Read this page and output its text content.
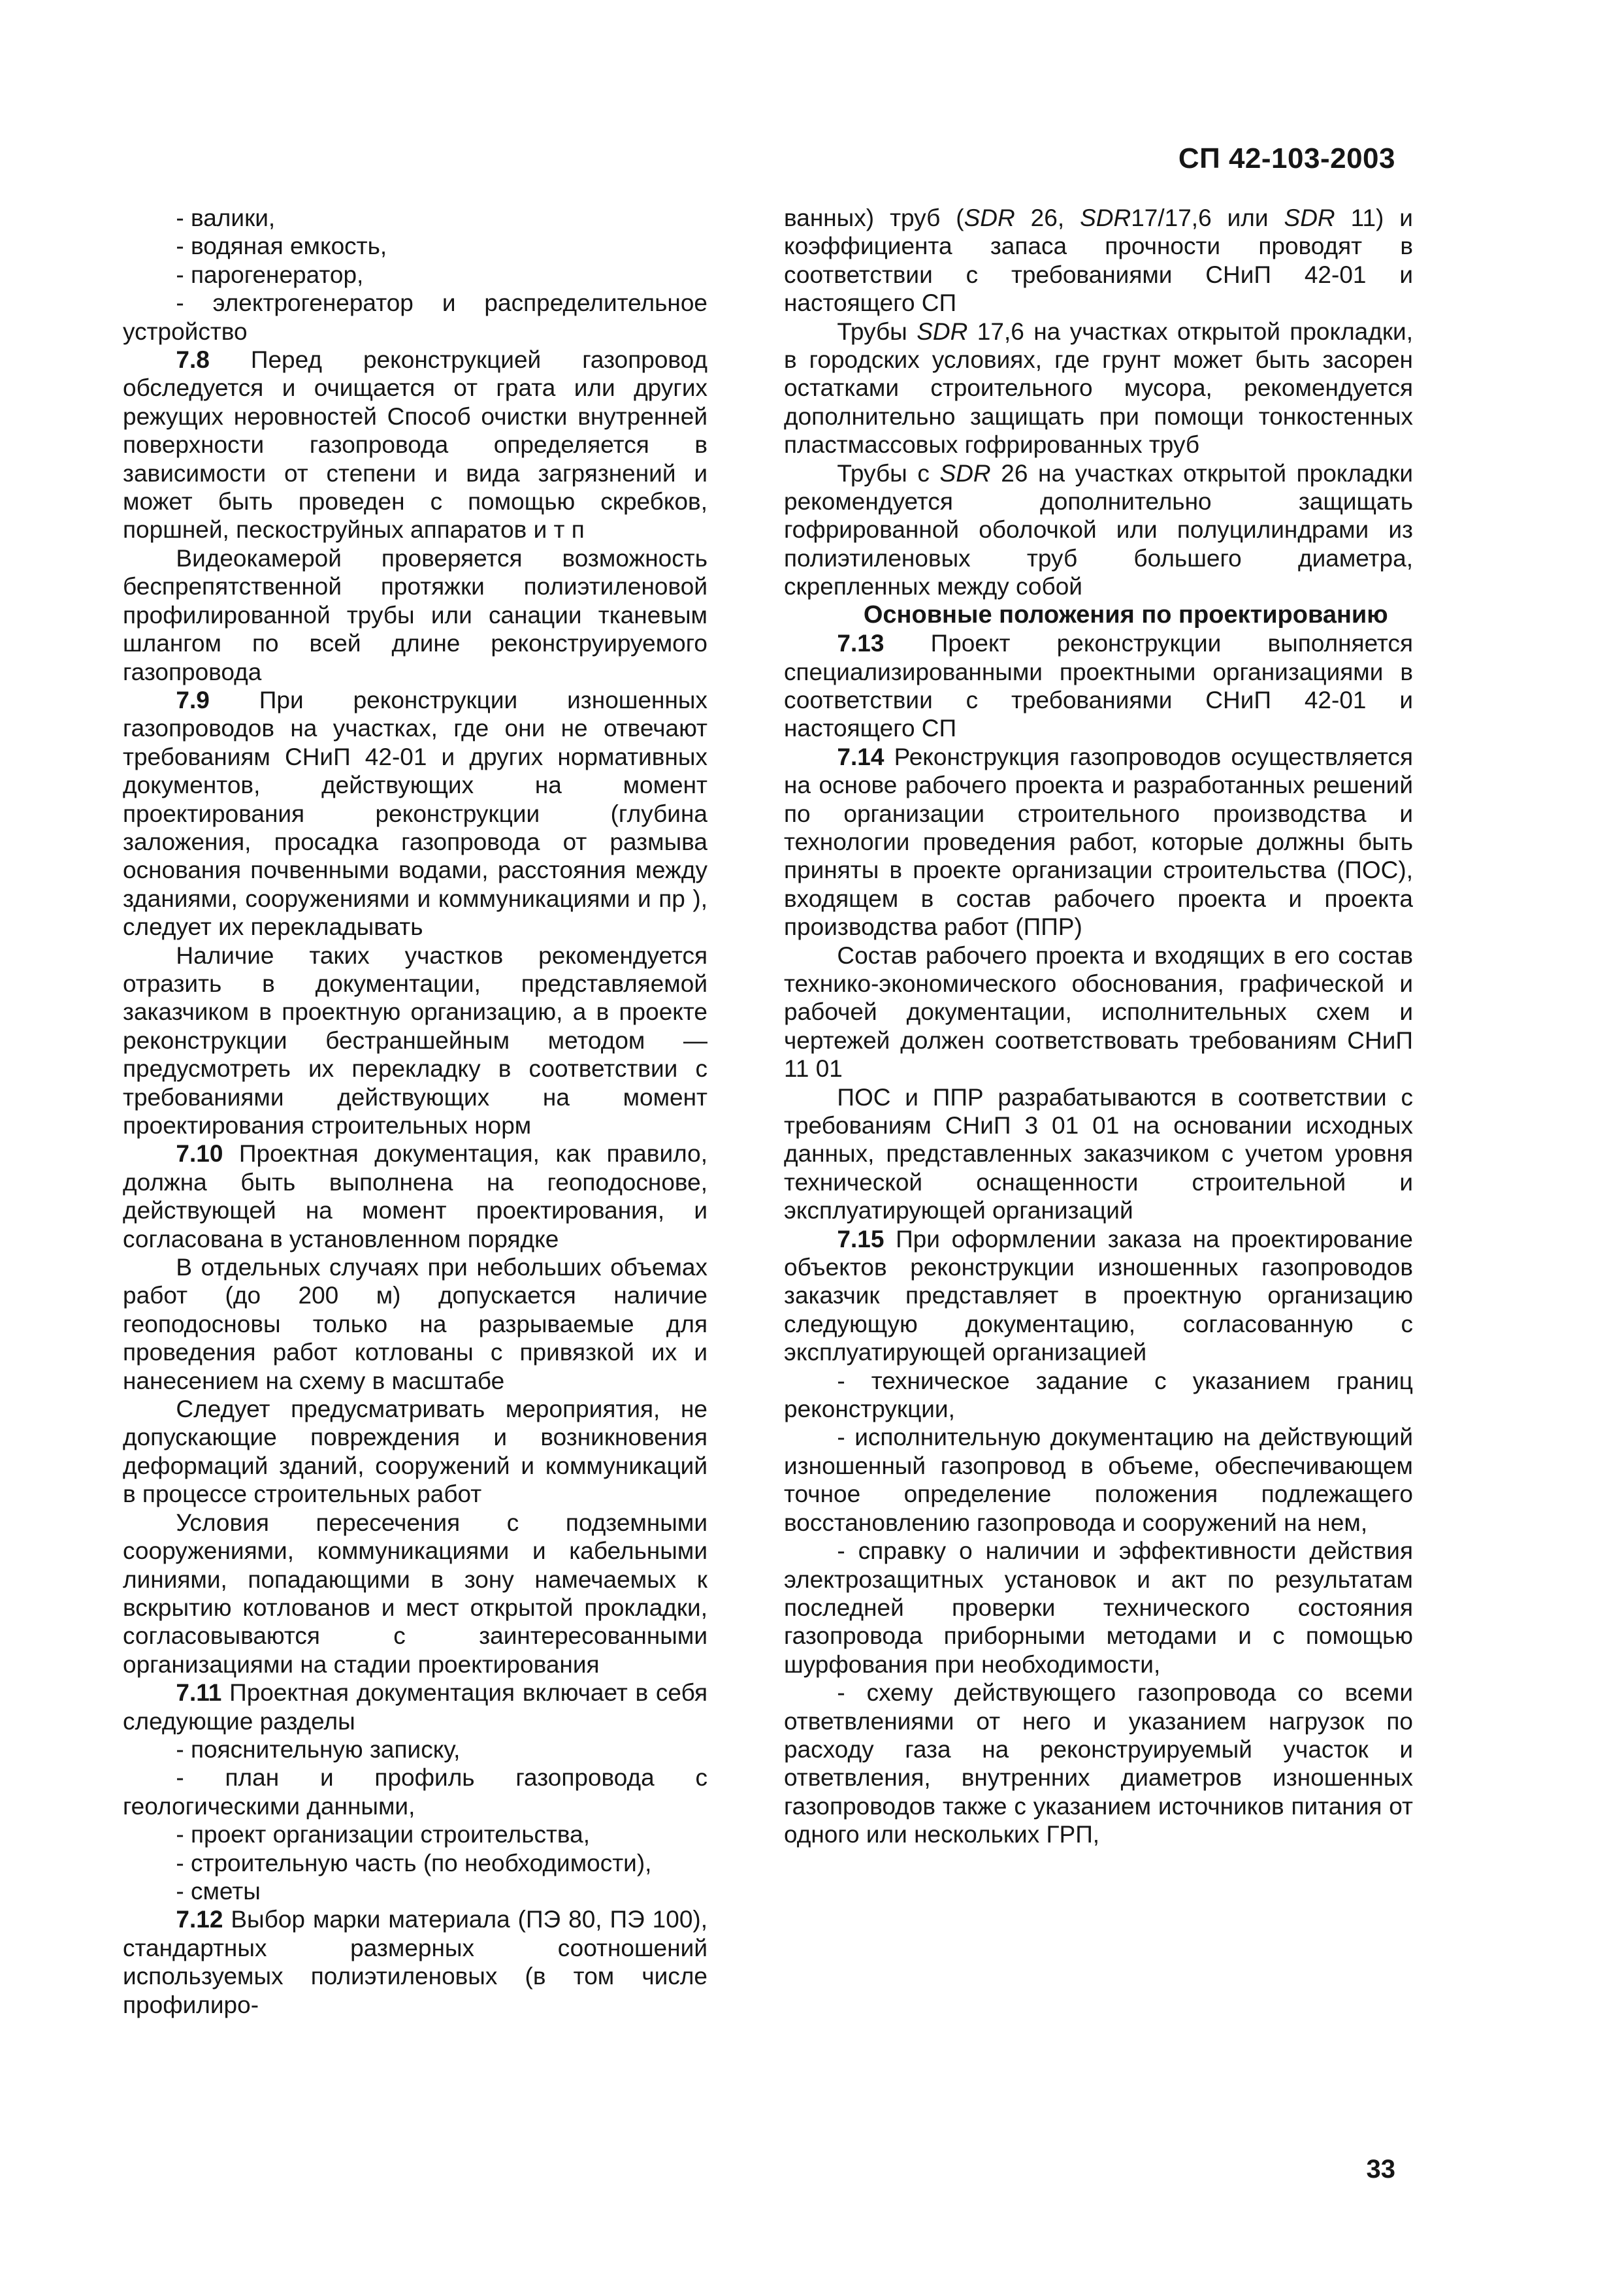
СП 42-103-2003

- валики,

- водяная емкость,

- парогенератор,

- электрогенератор и распределительное устройство

7.8 Перед реконструкцией газопровод обследуется и очищается от грата или других режущих неровностей Способ очистки внутренней поверхности газопровода определяется в зависимости от степени и вида загрязнений и может быть проведен с помощью скребков, поршней, пескоструйных аппаратов и т п

Видеокамерой проверяется возможность беспрепятственной протяжки полиэтиленовой профилированной трубы или санации тканевым шлангом по всей длине реконструируемого газопровода

7.9 При реконструкции изношенных газопроводов на участках, где они не отвечают требованиям СНиП 42-01 и других нормативных документов, действующих на момент проектирования реконструкции (глубина заложения, просадка газопровода от размыва основания почвенными водами, расстояния между зданиями, сооружениями и коммуникациями и пр ), следует их перекладывать

Наличие таких участков рекомендуется отразить в документации, представляемой заказчиком в проектную организацию, а в проекте реконструкции бестраншейным методом — предусмотреть их перекладку в соответствии с требованиями действующих на момент проектирования строительных норм

7.10 Проектная документация, как правило, должна быть выполнена на геоподоснове, действующей на момент проектирования, и согласована в установленном порядке

В отдельных случаях при небольших объемах работ (до 200 м) допускается наличие геоподосновы только на разрываемые для проведения работ котлованы с привязкой их и нанесением на схему в масштабе

Следует предусматривать мероприятия, не допускающие повреждения и возникновения деформаций зданий, сооружений и коммуникаций в процессе строительных работ

Условия пересечения с подземными сооружениями, коммуникациями и кабельными линиями, попадающими в зону намечаемых к вскрытию котлованов и мест открытой прокладки, согласовываются с заинтересованными организациями на стадии проектирования

7.11 Проектная документация включает в себя следующие разделы

- пояснительную записку,

- план и профиль газопровода с геологическими данными,

- проект организации строительства,

- строительную часть (по необходимости),

- сметы

7.12 Выбор марки материала (ПЭ 80, ПЭ 100), стандартных размерных соотношений используемых полиэтиленовых (в том числе профилиро-

ванных) труб (SDR 26, SDR17/17,6 или SDR 11) и коэффициента запаса прочности проводят в соответствии с требованиями СНиП 42-01 и настоящего СП

Трубы SDR 17,6 на участках открытой прокладки, в городских условиях, где грунт может быть засорен остатками строительного мусора, рекомендуется дополнительно защищать при помощи тонкостенных пластмассовых гофрированных труб

Трубы с SDR 26 на участках открытой прокладки рекомендуется дополнительно защищать гофрированной оболочкой или полуцилиндрами из полиэтиленовых труб большего диаметра, скрепленных между собой

Основные положения по проектированию

7.13 Проект реконструкции выполняется специализированными проектными организациями в соответствии с требованиями СНиП 42-01 и настоящего СП

7.14 Реконструкция газопроводов осуществляется на основе рабочего проекта и разработанных решений по организации строительного производства и технологии проведения работ, которые должны быть приняты в проекте организации строительства (ПОС), входящем в состав рабочего проекта и проекта производства работ (ППР)

Состав рабочего проекта и входящих в его состав технико-экономического обоснования, графической и рабочей документации, исполнительных схем и чертежей должен соответствовать требованиям СНиП 11 01

ПОС и ППР разрабатываются в соответствии с требованиям СНиП 3 01 01 на основании исходных данных, представленных заказчиком с учетом уровня технической оснащенности строительной и эксплуатирующей организаций

7.15 При оформлении заказа на проектирование объектов реконструкции изношенных газопроводов заказчик представляет в проектную организацию следующую документацию, согласованную с эксплуатирующей организацией

- техническое задание с указанием границ реконструкции,

- исполнительную документацию на действующий изношенный газопровод в объеме, обеспечивающем точное определение положения подлежащего восстановлению газопровода и сооружений на нем,

- справку о наличии и эффективности действия электрозащитных установок и акт по результатам последней проверки технического состояния газопровода приборными методами и с помощью шурфования при необходимости,

- схему действующего газопровода со всеми ответвлениями от него и указанием нагрузок по расходу газа на реконструируемый участок и ответвления, внутренних диаметров изношенных газопроводов также с указанием источников питания от одного или нескольких ГРП,

33
